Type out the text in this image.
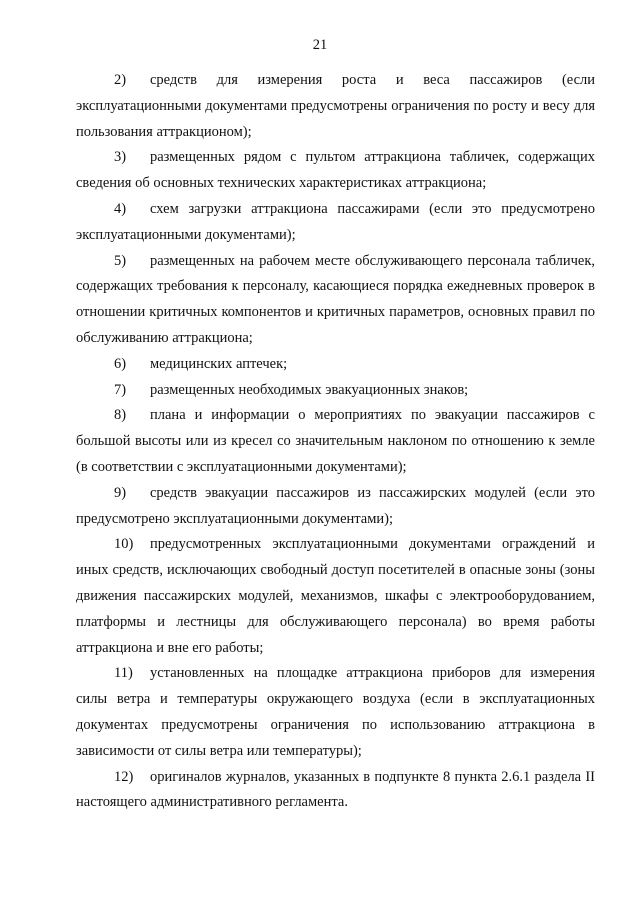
21

2) средств для измерения роста и веса пассажиров (если эксплуатационными документами предусмотрены ограничения по росту и весу для пользования аттракционом);

3) размещенных рядом с пультом аттракциона табличек, содержащих сведения об основных технических характеристиках аттракциона;

4) схем загрузки аттракциона пассажирами (если это предусмотрено эксплуатационными документами);

5) размещенных на рабочем месте обслуживающего персонала табличек, содержащих требования к персоналу, касающиеся порядка ежедневных проверок в отношении критичных компонентов и критичных параметров, основных правил по обслуживанию аттракциона;

6) медицинских аптечек;

7) размещенных необходимых эвакуационных знаков;

8) плана и информации о мероприятиях по эвакуации пассажиров с большой высоты или из кресел со значительным наклоном по отношению к земле (в соответствии с эксплуатационными документами);

9) средств эвакуации пассажиров из пассажирских модулей (если это предусмотрено эксплуатационными документами);

10) предусмотренных эксплуатационными документами ограждений и иных средств, исключающих свободный доступ посетителей в опасные зоны (зоны движения пассажирских модулей, механизмов, шкафы с электрооборудованием, платформы и лестницы для обслуживающего персонала) во время работы аттракциона и вне его работы;

11) установленных на площадке аттракциона приборов для измерения силы ветра и температуры окружающего воздуха (если в эксплуатационных документах предусмотрены ограничения по использованию аттракциона в зависимости от силы ветра или температуры);

12) оригиналов журналов, указанных в подпункте 8 пункта 2.6.1 раздела II настоящего административного регламента.
